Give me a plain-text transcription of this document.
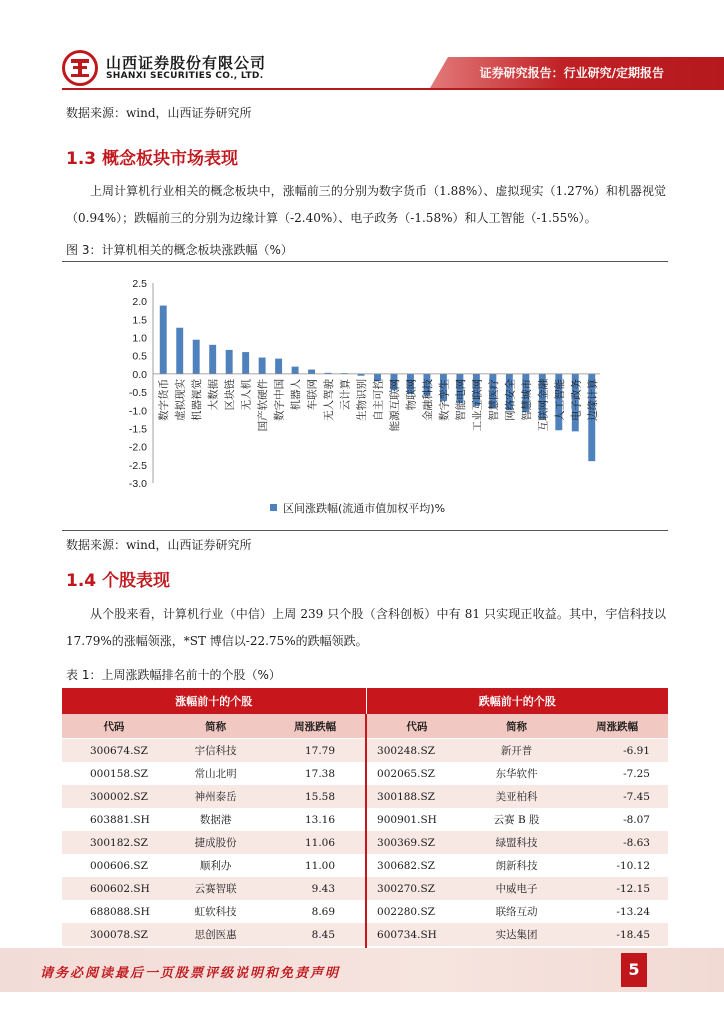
山西证券股份有限公司
SHANXI SECURITIES CO., LTD.	证券研究报告：行业研究/定期报告
数据来源：wind，山西证券研究所
1.3 概念板块市场表现
上周计算机行业相关的概念板块中，涨幅前三的分别为数字货币（1.88%）、虚拟现实（1.27%）和机器视觉（0.94%）；跌幅前三的分别为边缘计算（-2.40%）、电子政务（-1.58%）和人工智能（-1.55%）。
图 3：计算机相关的概念板块涨跌幅（%）
2.5
2.0
1.5
1.0
0.5
0.0
-0.5
-1.0
-1.5
-2.0
-2.5
-3.0
数字货币 虚拟现实 机器视觉 大数据 区块链 无人机 国产软硬件 数字中国 机器人 车联网 无人驾驶 云计算 生物识别 自主可控 能源互联网 物联网 金融科技 数字孪生 智能电网 工业互联网 智慧医疗 网络安全 智慧城市 互联网金融 人工智能 电子政务 边缘计算
区间涨跌幅(流通市值加权平均)%
数据来源：wind，山西证券研究所
1.4 个股表现
从个股来看，计算机行业（中信）上周 239 只个股（含科创板）中有 81 只实现正收益。其中，宇信科技以 17.79%的涨幅领涨，*ST 博信以-22.75%的跌幅领跌。
表 1：上周涨跌幅排名前十的个股（%）
涨幅前十的个股			跌幅前十的个股		
代码	简称	周涨跌幅	代码	简称	周涨跌幅
300674.SZ	宇信科技	17.79	300248.SZ	新开普	-6.91
000158.SZ	常山北明	17.38	002065.SZ	东华软件	-7.25
300002.SZ	神州泰岳	15.58	300188.SZ	美亚柏科	-7.45
603881.SH	数据港	13.16	900901.SH	云赛 B 股	-8.07
300182.SZ	捷成股份	11.06	300369.SZ	绿盟科技	-8.63
000606.SZ	顺利办	11.00	300682.SZ	朗新科技	-10.12
600602.SH	云赛智联	9.43	300270.SZ	中威电子	-12.15
688088.SH	虹软科技	8.69	002280.SZ	联络互动	-13.24
300078.SZ	思创医惠	8.45	600734.SH	实达集团	-18.45

请务必阅读最后一页股票评级说明和免责声明	5
